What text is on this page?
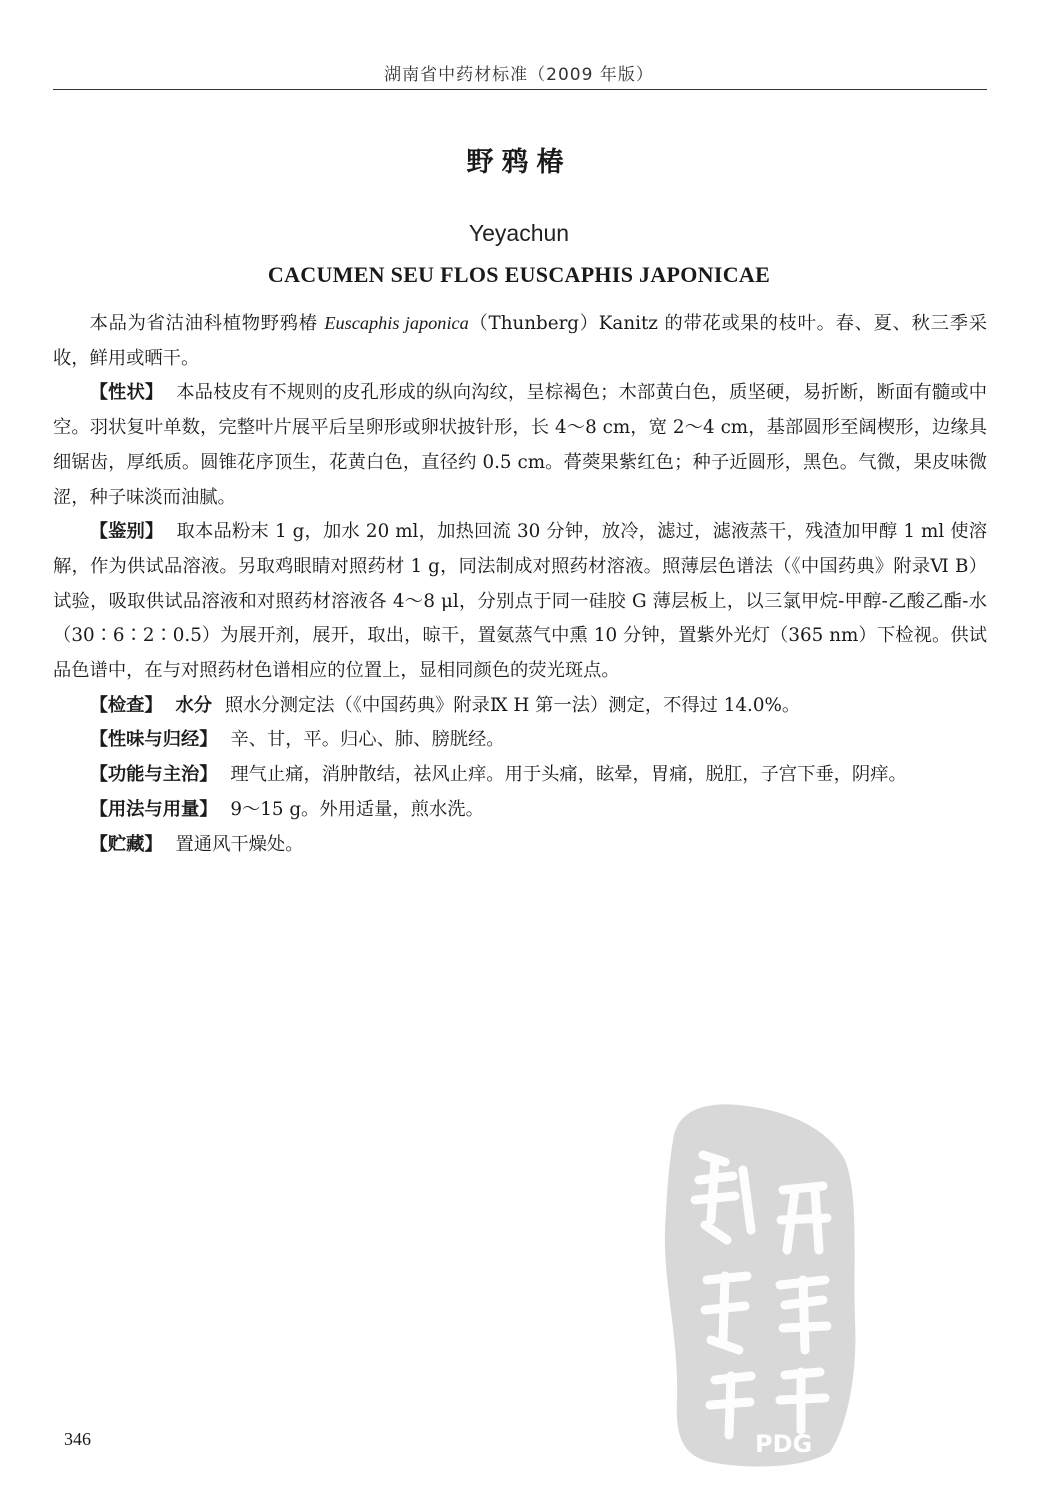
湖南省中药材标准（2009 年版）
野鸦椿
Yeyachun
CACUMEN SEU FLOS EUSCAPHIS JAPONICAE

本品为省沽油科植物野鸦椿 Euscaphis japonica（Thunberg）Kanitz 的带花或果的枝叶。春、夏、秋三季采收，鲜用或晒干。

【性状】 本品枝皮有不规则的皮孔形成的纵向沟纹，呈棕褐色；木部黄白色，质坚硬，易折断，断面有髓或中空。羽状复叶单数，完整叶片展平后呈卵形或卵状披针形，长 4～8 cm，宽 2～4 cm，基部圆形至阔楔形，边缘具细锯齿，厚纸质。圆锥花序顶生，花黄白色，直径约 0.5 cm。蓇葖果紫红色；种子近圆形，黑色。气微，果皮味微涩，种子味淡而油腻。

【鉴别】 取本品粉末 1 g，加水 20 ml，加热回流 30 分钟，放冷，滤过，滤液蒸干，残渣加甲醇 1 ml 使溶解，作为供试品溶液。另取鸡眼睛对照药材 1 g，同法制成对照药材溶液。照薄层色谱法（《中国药典》附录Ⅵ B）试验，吸取供试品溶液和对照药材溶液各 4～8 μl，分别点于同一硅胶 G 薄层板上，以三氯甲烷-甲醇-乙酸乙酯-水（30∶6∶2∶0.5）为展开剂，展开，取出，晾干，置氨蒸气中熏 10 分钟，置紫外光灯（365 nm）下检视。供试品色谱中，在与对照药材色谱相应的位置上，显相同颜色的荧光斑点。

【检查】 水分 照水分测定法（《中国药典》附录Ⅸ H 第一法）测定，不得过 14.0%。

【性味与归经】 辛、甘，平。归心、肺、膀胱经。

【功能与主治】 理气止痛，消肿散结，祛风止痒。用于头痛，眩晕，胃痛，脱肛，子宫下垂，阴痒。

【用法与用量】 9～15 g。外用适量，煎水洗。

【贮藏】 置通风干燥处。

PDG
346
